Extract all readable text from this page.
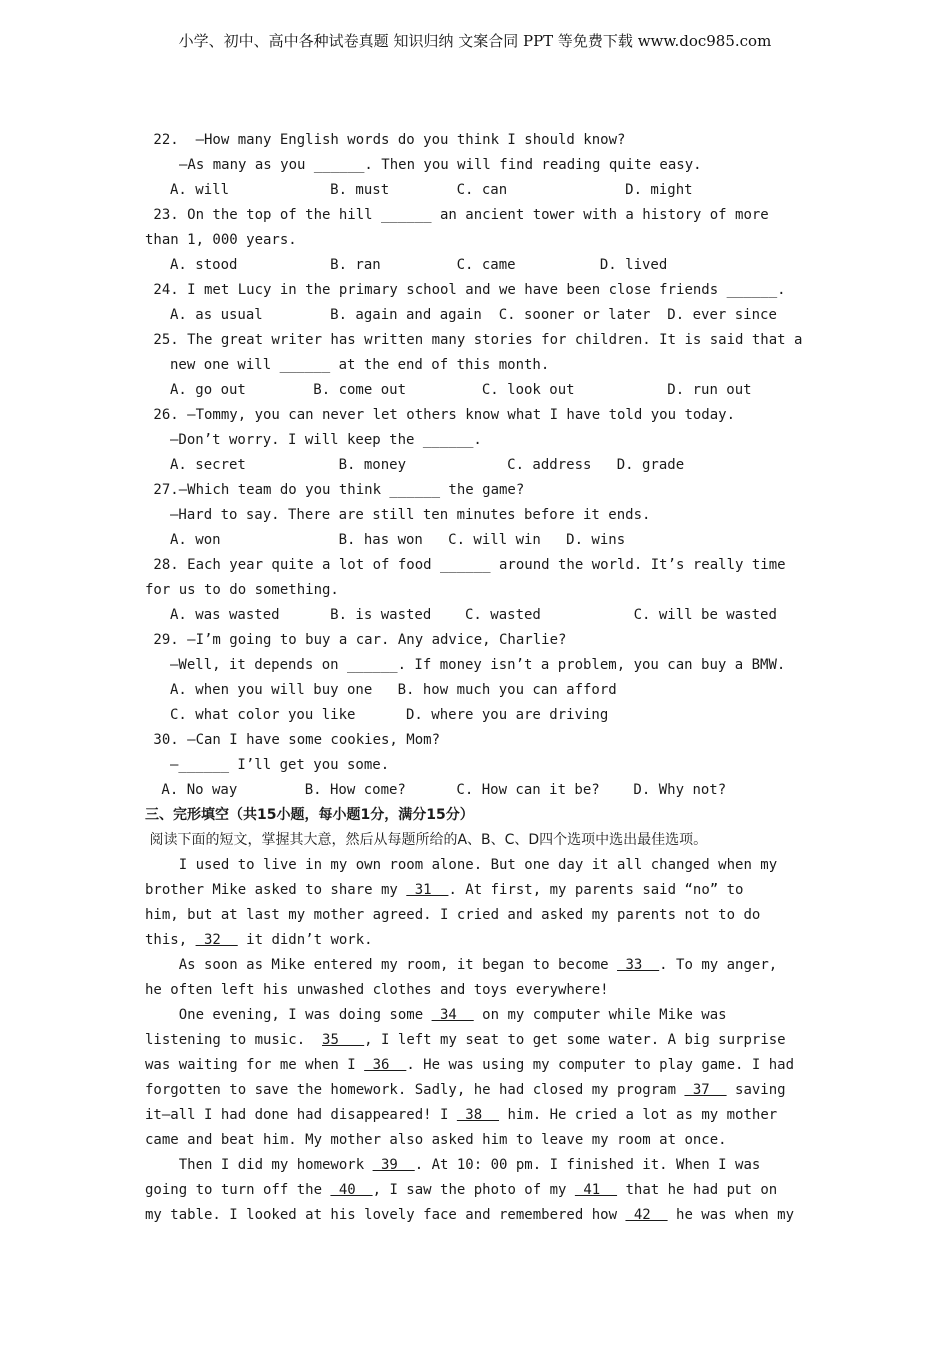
小学、初中、高中各种试卷真题 知识归纳 文案合同 PPT 等免费下载 www.doc985.com
22.  —How many English words do you think I should know?
—As many as you ______. Then you will find reading quite easy.
A. will            B. must        C. can              D. might
23. On the top of the hill ______ an ancient tower with a history of more
than 1, 000 years.
A. stood           B. ran         C. came          D. lived
24. I met Lucy in the primary school and we have been close friends ______.
A. as usual        B. again and again  C. sooner or later  D. ever since
25. The great writer has written many stories for children. It is said that a
new one will ______ at the end of this month.
A. go out        B. come out         C. look out           D. run out
26. —Tommy, you can never let others know what I have told you today.
—Don’t worry. I will keep the ______.
A. secret           B. money            C. address   D. grade
27.—Which team do you think ______ the game?
—Hard to say. There are still ten minutes before it ends.
A. won              B. has won   C. will win   D. wins
28. Each year quite a lot of food ______ around the world. It’s really time
for us to do something.
A. was wasted      B. is wasted    C. wasted           C. will be wasted
29. —I’m going to buy a car. Any advice, Charlie?
—Well, it depends on ______. If money isn’t a problem, you can buy a BMW.
A. when you will buy one   B. how much you can afford
C. what color you like      D. where you are driving
30. —Can I have some cookies, Mom?
—______ I’ll get you some.
A. No way        B. How come?      C. How can it be?    D. Why not?
三、完形填空（共15小题，每小题1分，满分15分）
阅读下面的短文，掌握其大意，然后从每题所给的A、B、C、D四个选项中选出最佳选项。
I used to live in my own room alone. But one day it all changed when my
brother Mike asked to share my  31  . At first, my parents said “no” to
him, but at last my mother agreed. I cried and asked my parents not to do
this,  32   it didn’t work.
As soon as Mike entered my room, it began to become  33  . To my anger,
he often left his unwashed clothes and toys everywhere!
One evening, I was doing some  34   on my computer while Mike was
listening to music.  35   , I left my seat to get some water. A big surprise
was waiting for me when I  36  . He was using my computer to play game. I had
forgotten to save the homework. Sadly, he had closed my program  37   saving
it—all I had done had disappeared! I  38   him. He cried a lot as my mother
came and beat him. My mother also asked him to leave my room at once.
Then I did my homework  39  . At 10: 00 pm. I finished it. When I was
going to turn off the  40  , I saw the photo of my  41   that he had put on
my table. I looked at his lovely face and remembered how  42   he was when my
